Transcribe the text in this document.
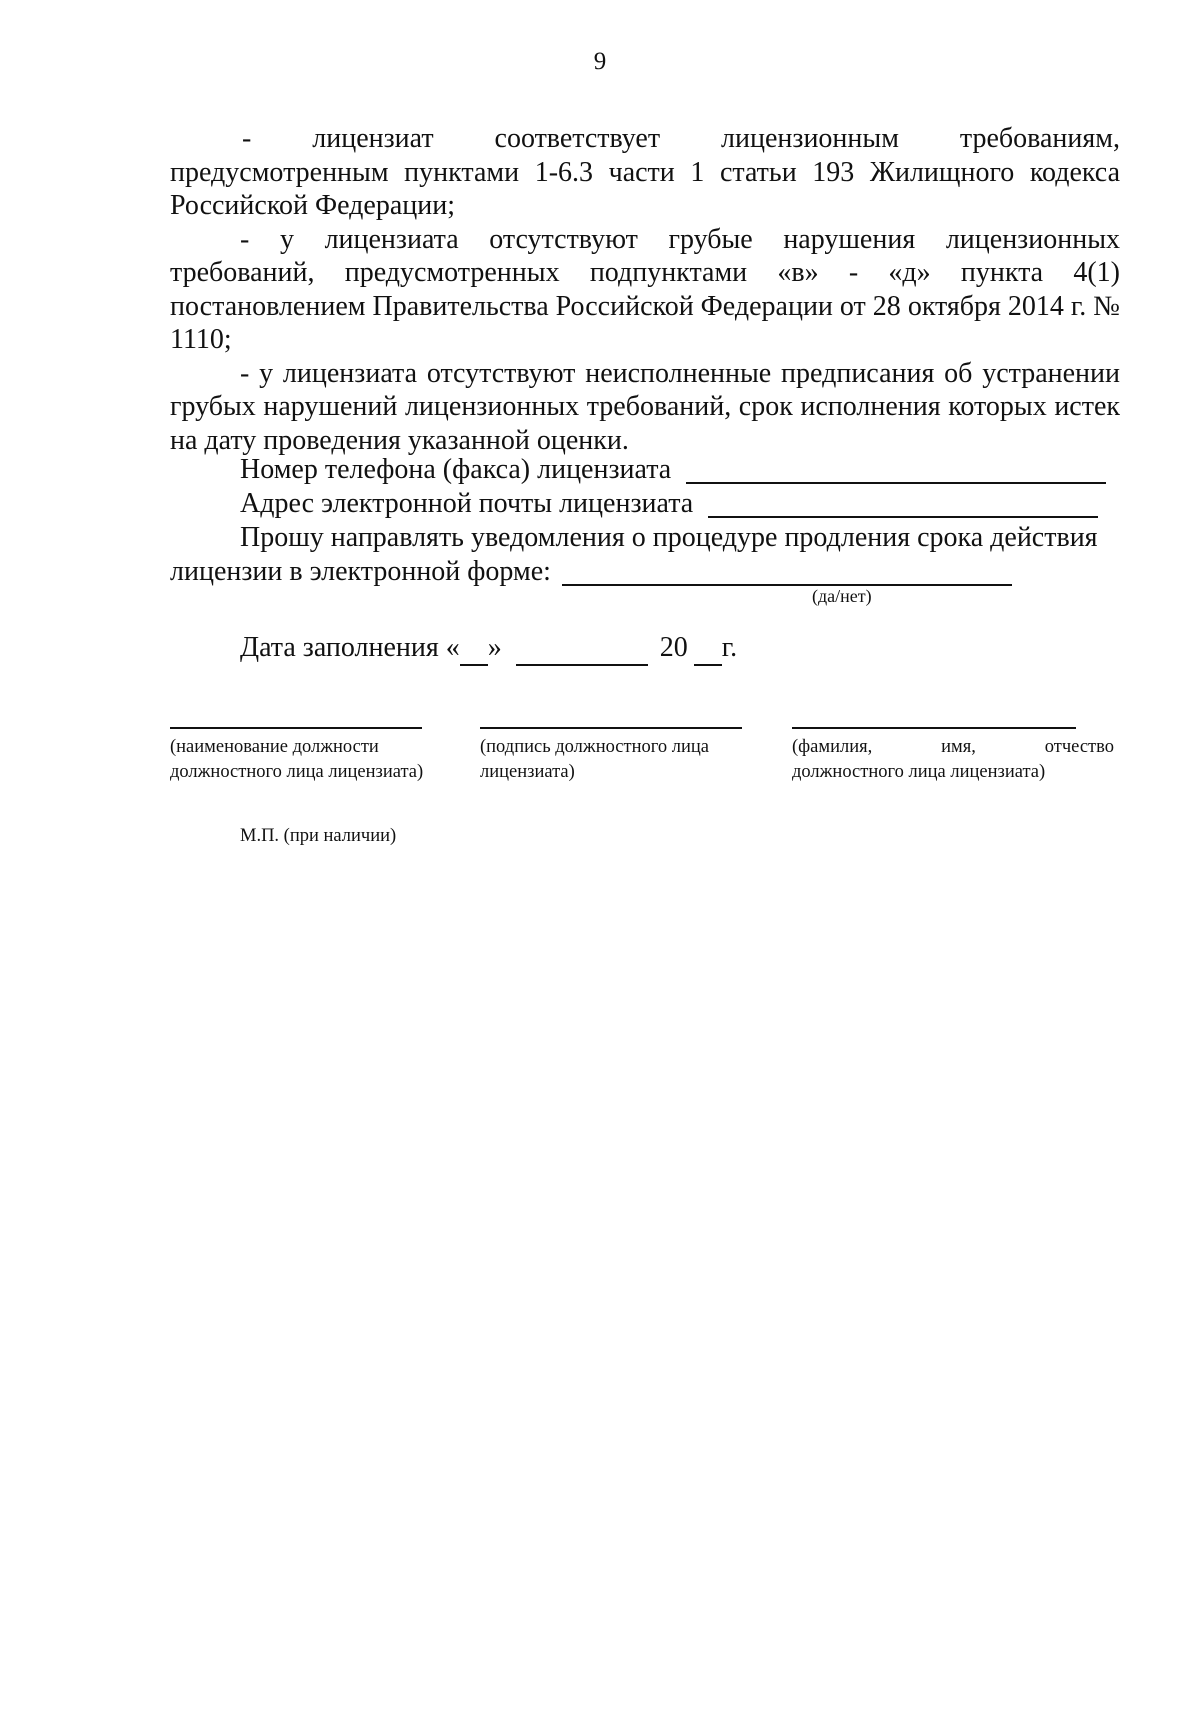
9

- лицензиат соответствует лицензионным требованиям,
предусмотренным пунктами 1-6.3 части 1 статьи 193 Жилищного кодекса Российской Федерации;

- у лицензиата отсутствуют грубые нарушения лицензионных требований, предусмотренных подпунктами «в» - «д» пункта 4(1) постановлением Правительства Российской Федерации от 28 октября 2014 г. № 1110;

- у лицензиата отсутствуют неисполненные предписания об устранении грубых нарушений лицензионных требований, срок исполнения которых истек на дату проведения указанной оценки.

Номер телефона (факса) лицензиата
Адрес электронной почты лицензиата
Прошу направлять уведомления о процедуре продления срока действия
лицензии в электронной форме:
(да/нет)
Дата заполнения «
»
	20
г.
(наименование должности
должностного лица лицензиата)
(подпись должностного лица
лицензиата)
(фамилия,	имя,	отчество
должностного лица лицензиата)
М.П. (при наличии)
